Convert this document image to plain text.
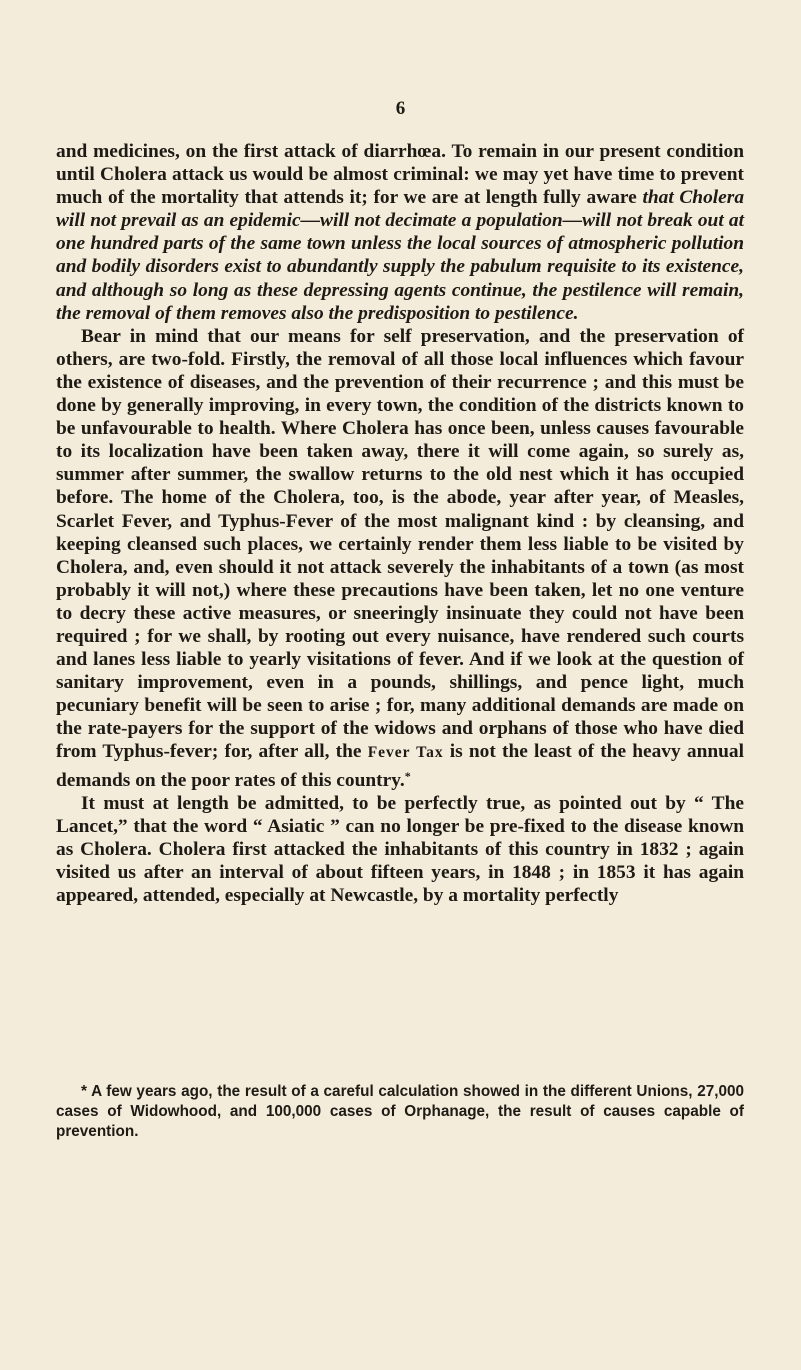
6

and medicines, on the first attack of diarrhœa. To remain in our present condition until Cholera attack us would be almost criminal: we may yet have time to prevent much of the mortality that attends it; for we are at length fully aware that Cholera will not prevail as an epidemic—will not decimate a population—will not break out at one hundred parts of the same town unless the local sources of atmospheric pollution and bodily disorders exist to abundantly supply the pabulum requisite to its existence, and although so long as these depressing agents continue, the pestilence will remain, the removal of them removes also the predisposition to pestilence.

Bear in mind that our means for self preservation, and the preservation of others, are two-fold. Firstly, the removal of all those local influences which favour the existence of diseases, and the prevention of their recurrence ; and this must be done by generally improving, in every town, the condition of the districts known to be unfavourable to health. Where Cholera has once been, unless causes favourable to its localization have been taken away, there it will come again, so surely as, summer after summer, the swallow returns to the old nest which it has occupied before. The home of the Cholera, too, is the abode, year after year, of Measles, Scarlet Fever, and Typhus-Fever of the most malignant kind : by cleansing, and keeping cleansed such places, we certainly render them less liable to be visited by Cholera, and, even should it not attack severely the inhabitants of a town (as most probably it will not,) where these precautions have been taken, let no one venture to decry these active measures, or sneeringly insinuate they could not have been required ; for we shall, by rooting out every nuisance, have rendered such courts and lanes less liable to yearly visitations of fever. And if we look at the question of sanitary improvement, even in a pounds, shillings, and pence light, much pecuniary benefit will be seen to arise ; for, many additional demands are made on the rate-payers for the support of the widows and orphans of those who have died from Typhus-fever; for, after all, the Fever Tax is not the least of the heavy annual demands on the poor rates of this country.*

It must at length be admitted, to be perfectly true, as pointed out by “ The Lancet,” that the word “ Asiatic ” can no longer be pre-fixed to the disease known as Cholera. Cholera first attacked the inhabitants of this country in 1832 ; again visited us after an interval of about fifteen years, in 1848 ; in 1853 it has again appeared, attended, especially at Newcastle, by a mortality perfectly

* A few years ago, the result of a careful calculation showed in the different Unions, 27,000 cases of Widowhood, and 100,000 cases of Orphanage, the result of causes capable of prevention.
